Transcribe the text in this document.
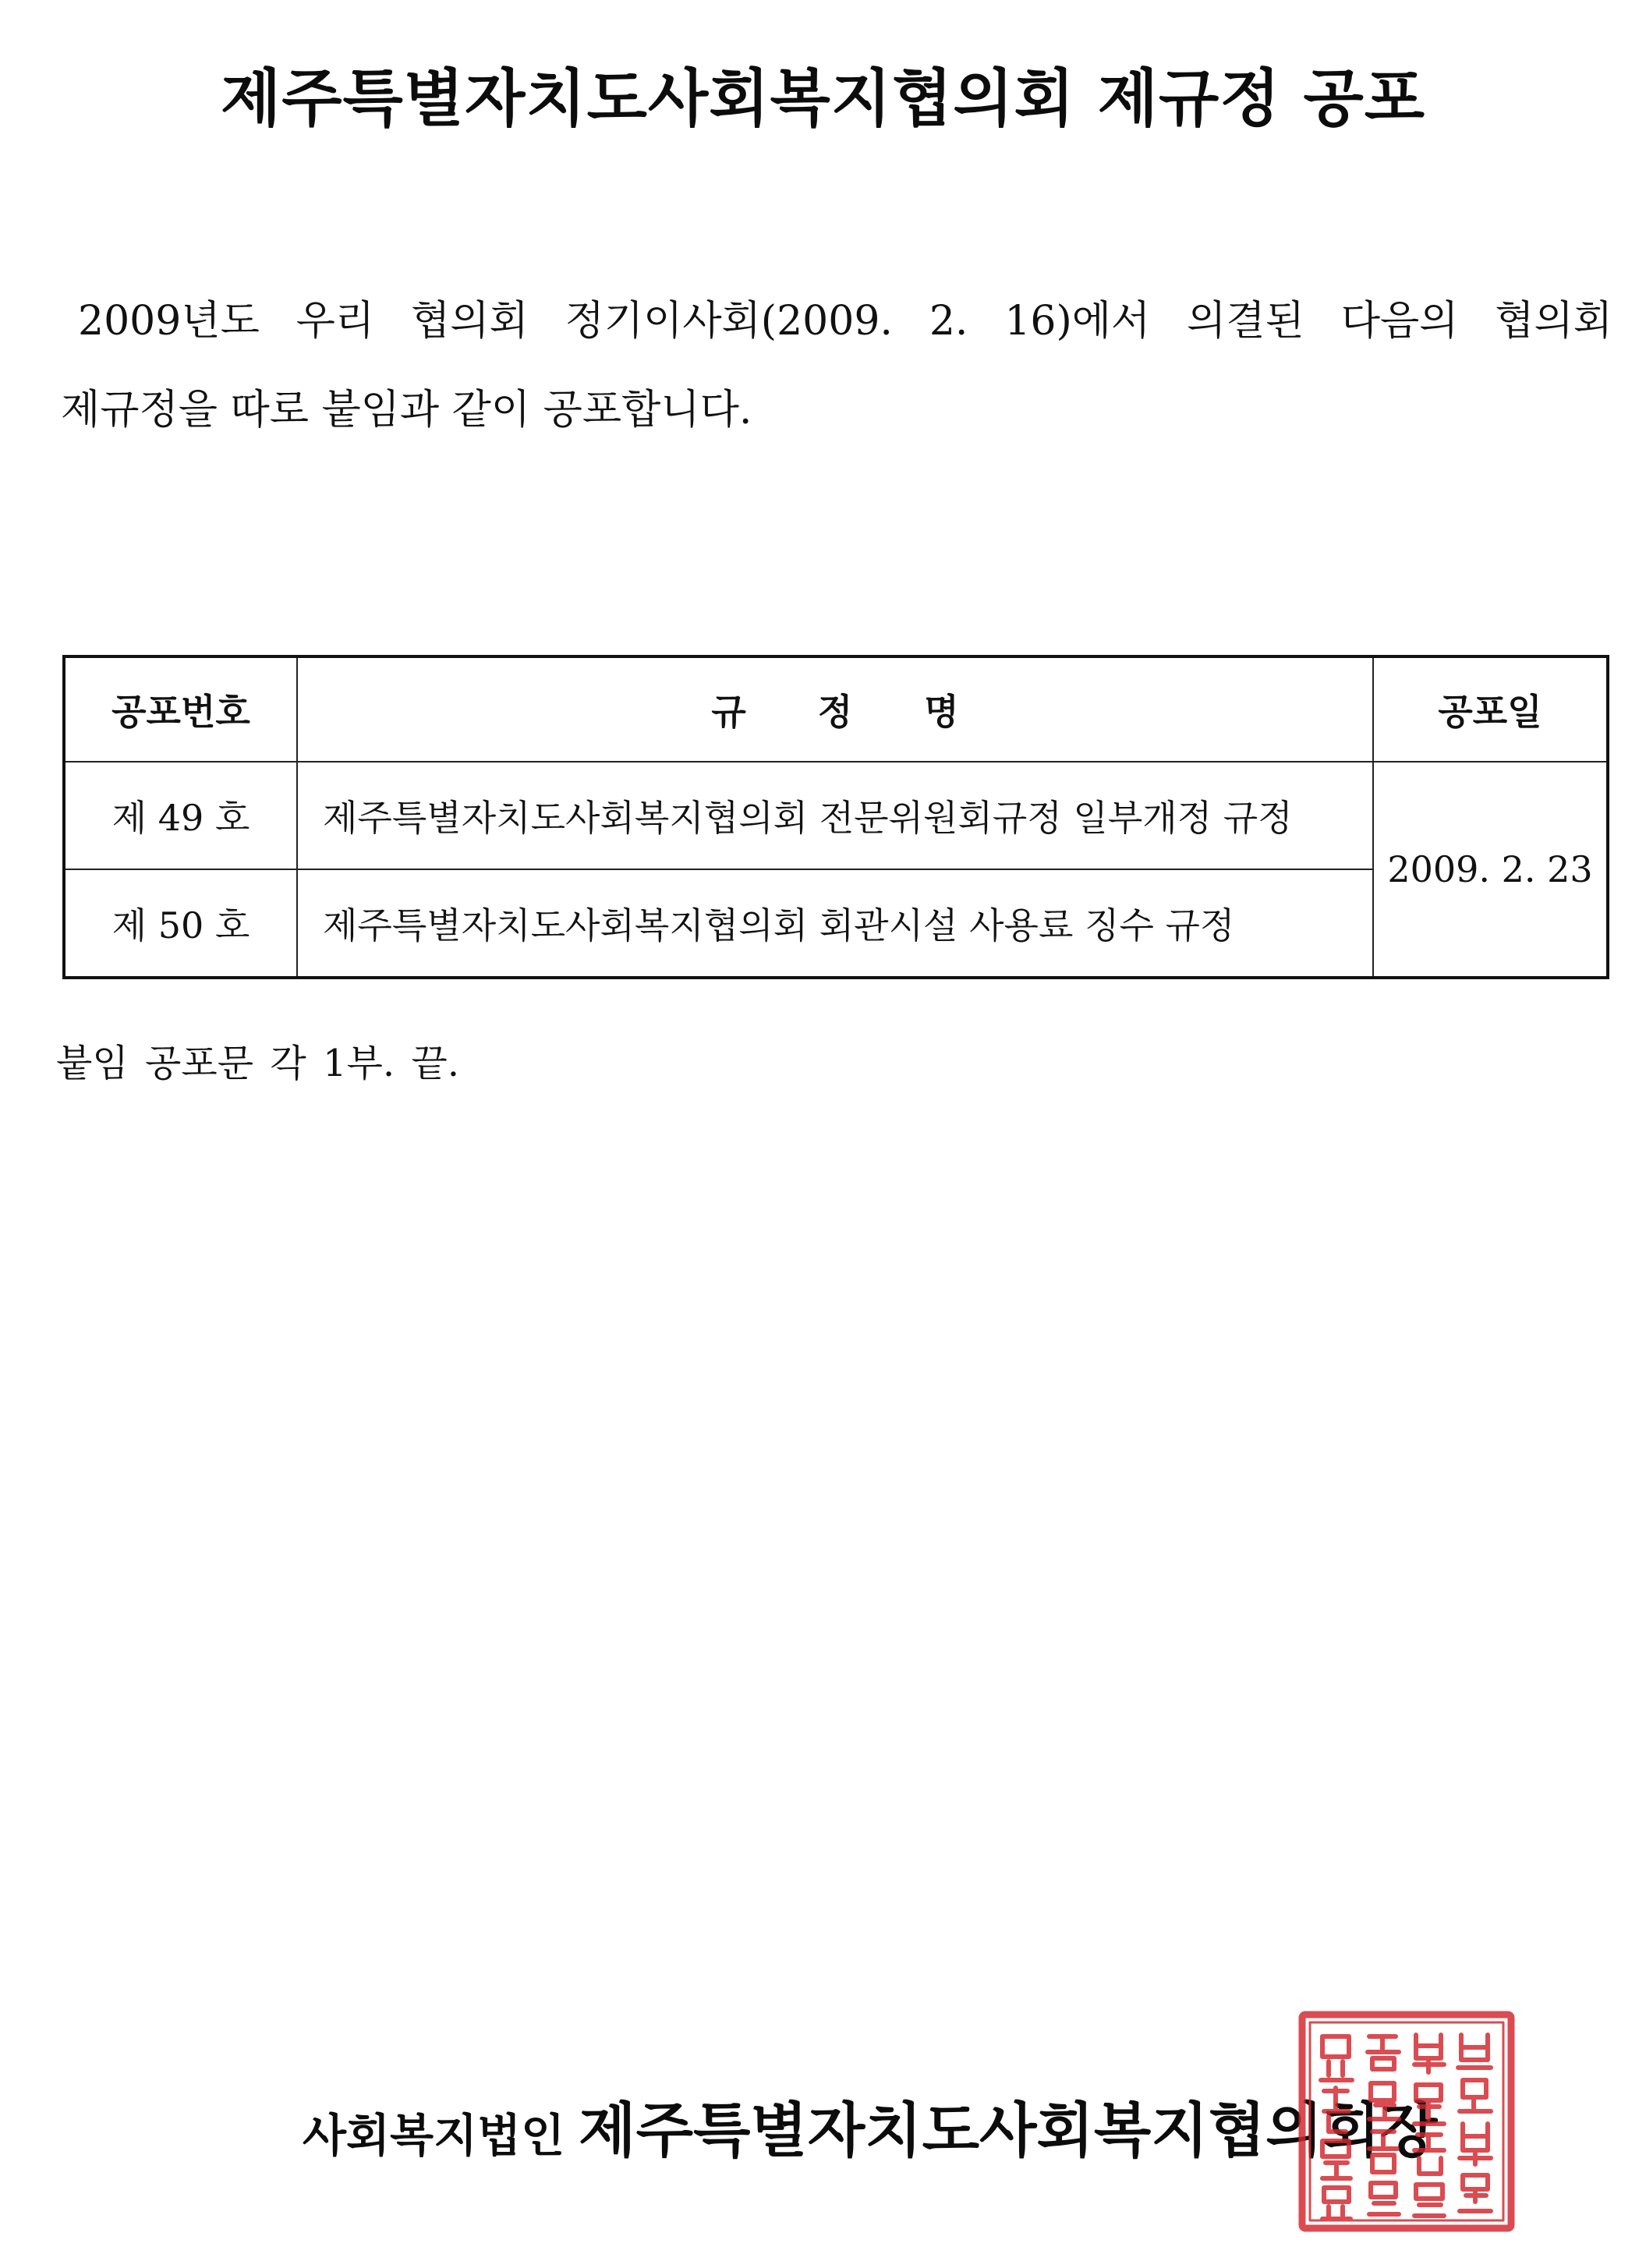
제주특별자치도사회복지협의회 제규정 공포
2009년도 우리 협의회 정기이사회(2009. 2. 16)에서 의결된 다음의 협의회
제규정을 따로 붙임과 같이 공포합니다.
공포번호	규　　정　　명	공포일
제 49 호	제주특별자치도사회복지협의회 전문위원회규정 일부개정 규정	2009. 2. 23
제 50 호	제주특별자치도사회복지협의회 회관시설 사용료 징수 규정	
붙임 공포문 각 1부. 끝.
사회복지법인 제주특별자치도사회복지협의회장
